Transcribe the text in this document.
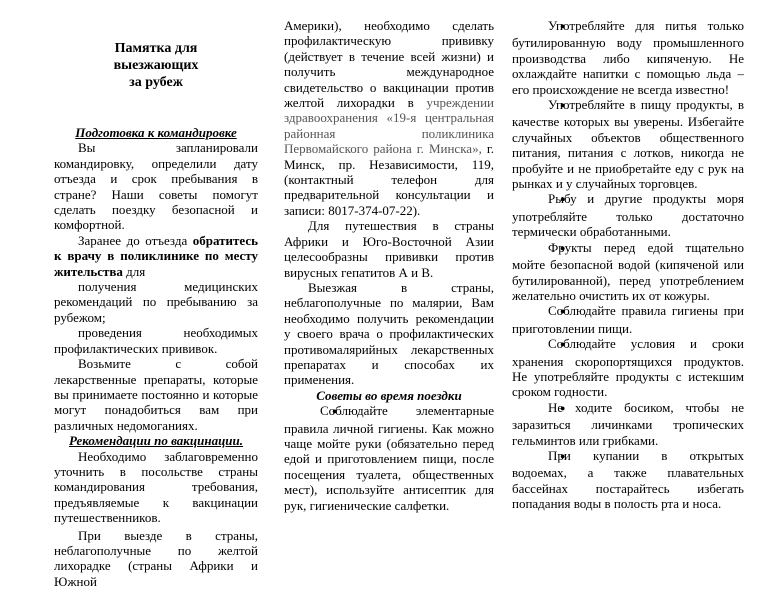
Памятка для
выезжающих
за рубеж

Подготовка к командировке

Вы запланировали командировку, определили дату отъезда и срок пребывания в стране? Наши советы помогут сделать поездку безопасной и комфортной.

Заранее до отъезда обратитесь к врачу в поликлинике по месту жительства для

получения медицинских рекомендаций по пребыванию за рубежом;

проведения необходимых профилактических прививок.

Возьмите с собой лекарственные препараты, которые вы принимаете постоянно и которые могут понадобиться вам при различных недомоганиях.

Рекомендации по вакцинации.

Необходимо заблаговременно уточнить в посольстве страны командирования требования, предъявляемые к вакцинации путешественников.

При выезде в страны, неблагополучные по желтой лихорадке (страны Африки и Южной

Америки), необходимо сделать профилактическую прививку (действует в течение всей жизни) и получить международное свидетельство о вакцинации против желтой лихорадки в учреждении здравоохранения «19-я центральная районная поликлиника Первомайского района г. Минска», г. Минск, пр. Независимости, 119, (контактный телефон для предварительной консультации и записи: 8017-374-07-22).

Для путешествия в страны Африки и Юго-Восточной Азии целесообразны прививки против вирусных гепатитов А и В.

Выезжая в страны, неблагополучные по малярии, Вам необходимо получить рекомендации у своего врача о профилактических противомалярийных лекарственных препаратах и способах их применения.

Советы во время поездки

● Соблюдайте элементарные правила личной гигиены. Как можно чаще мойте руки (обязательно перед едой и приготовлением пищи, после посещения туалета, общественных мест), используйте антисептик для рук, гигиенические салфетки.

● Употребляйте для питья только бутилированную воду промышленного производства либо кипяченую. Не охлаждайте напитки с помощью льда – его происхождение не всегда известно!

● Употребляйте в пищу продукты, в качестве которых вы уверены. Избегайте случайных объектов общественного питания, питания с лотков, никогда не пробуйте и не приобретайте еду с рук на рынках и у случайных торговцев.

● Рыбу и другие продукты моря употребляйте только достаточно термически обработанными.

● Фрукты перед едой тщательно мойте безопасной водой (кипяченой или бутилированной), перед употреблением желательно очистить их от кожуры.

● Соблюдайте правила гигиены при приготовлении пищи.

● Соблюдайте условия и сроки хранения скоропортящихся продуктов. Не употребляйте продукты с истекшим сроком годности.

● Не ходите босиком, чтобы не заразиться личинками тропических гельминтов или грибками.

● При купании в открытых водоемах, а также плавательных бассейнах постарайтесь избегать попадания воды в полость рта и носа.
